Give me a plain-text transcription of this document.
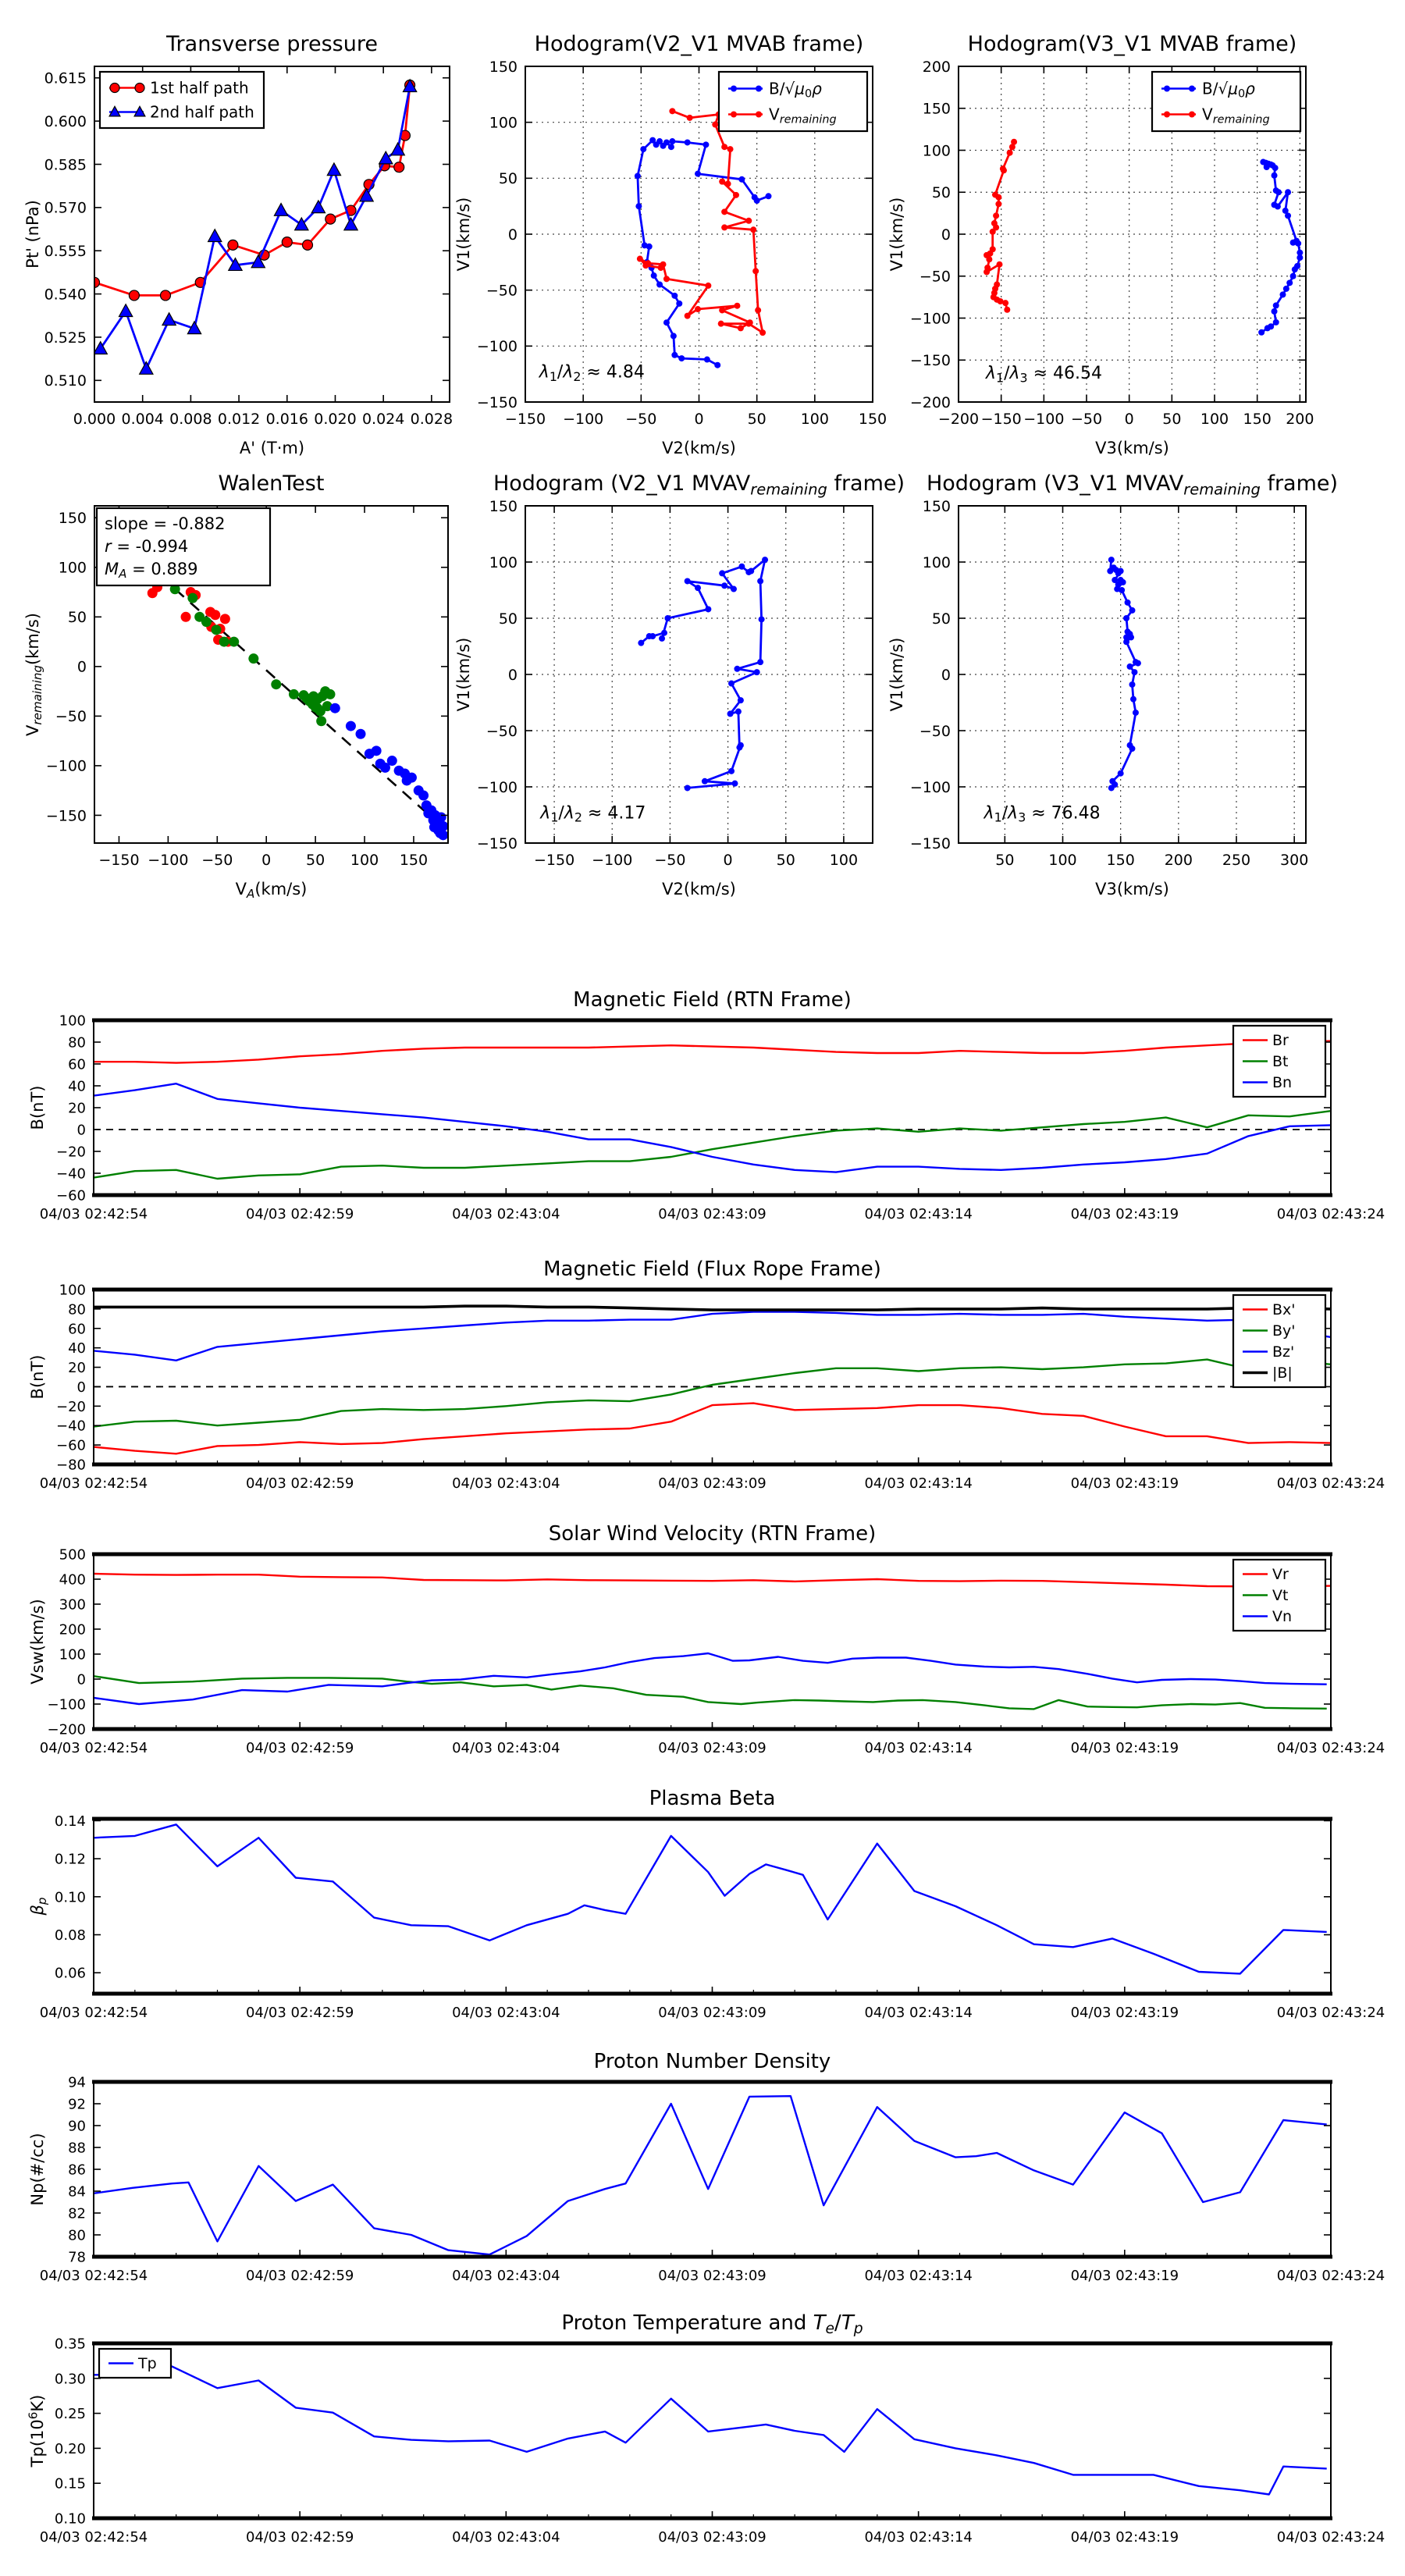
0.000 0.004 0.008 0.012 0.016 0.020 0.024 0.028
0.510
0.525
0.540
0.555
0.570
0.585
0.600
0.615
Transverse pressure
A' (T·m)
Pt' (nPa)
1st half path
2nd half path
−150 −100 −50	0	50 100 150
−150
−100
−50
0
50
100
150
Hodogram(V2_V1 MVAB frame)
V2(km/s)
V1(km/s)
$\lambda_1/\lambda_2 \approx 4.84$
$B/√\mu_0\rho$
$V_{remaining}$
−200 −150 −100 −50 0 50 100 150 200
−200
−150
−100
−50
0
50
100
150
200
Hodogram(V3_V1 MVAB frame)
V3(km/s)
V1(km/s)
$\lambda_1/\lambda_3 \approx 46.54$
$B/√\mu_0\rho$
$V_{remaining}$
−150 −100 −50 0 50 100 150
−150
−100
−50
0
50
100
150
WalenTest
$V_A(km/s)$
$V_{remaining}(km/s)$
slope = -0.882
r = -0.994
$M_A = 0.889$
−150 −100 −50	0	50 100
−150
−100
−50
0
50
100
150
Hodogram (V2_V1 $MVAV_{remaining}$ frame)
V2(km/s)
V1(km/s)
$\lambda_1/\lambda_2 \approx 4.17$
50 100 150 200 250 300
−150
−100
−50
0
50
100
150
Hodogram (V3_V1 $MVAV_{remaining}$ frame)
V3(km/s)
V1(km/s)
$\lambda_1/\lambda_3 \approx 76.48$
04/03 02:42:54	04/03 02:42:59	04/03 02:43:04	04/03 02:43:09	04/03 02:43:14	04/03 02:43:19	04/03 02:43:24
−60
−40
−20
0
20
40
60
80
100
Magnetic Field (RTN Frame)
B(nT)
Br
Bt
Bn
04/03 02:42:54	04/03 02:42:59	04/03 02:43:04	04/03 02:43:09	04/03 02:43:14	04/03 02:43:19	04/03 02:43:24
−80
−60
−40
−20
0
20
40
60
80
100
Magnetic Field (Flux Rope Frame)
B(nT)
Bx'
By'
Bz'
|B|
04/03 02:42:54	04/03 02:42:59	04/03 02:43:04	04/03 02:43:09	04/03 02:43:14	04/03 02:43:19	04/03 02:43:24
−200
−100
0
100
200
300
400
500
Solar Wind Velocity (RTN Frame)
Vsw(km/s)
Vr
Vt
Vn
04/03 02:42:54	04/03 02:42:59	04/03 02:43:04	04/03 02:43:09	04/03 02:43:14	04/03 02:43:19	04/03 02:43:24
0.06
0.08
0.10
0.12
0.14
Plasma Beta
$\beta_p$
04/03 02:42:54	04/03 02:42:59	04/03 02:43:04	04/03 02:43:09	04/03 02:43:14	04/03 02:43:19	04/03 02:43:24
78
80
82
84
86
88
90
92
94
Proton Number Density
Np(#/cc)
04/03 02:42:54	04/03 02:42:59	04/03 02:43:04	04/03 02:43:09	04/03 02:43:14	04/03 02:43:19	04/03 02:43:24
0.10
0.15
0.20
0.25
0.30
0.35
Proton Temperature and $T_e/T_p$
$Tp(10^6K)$
Tp
